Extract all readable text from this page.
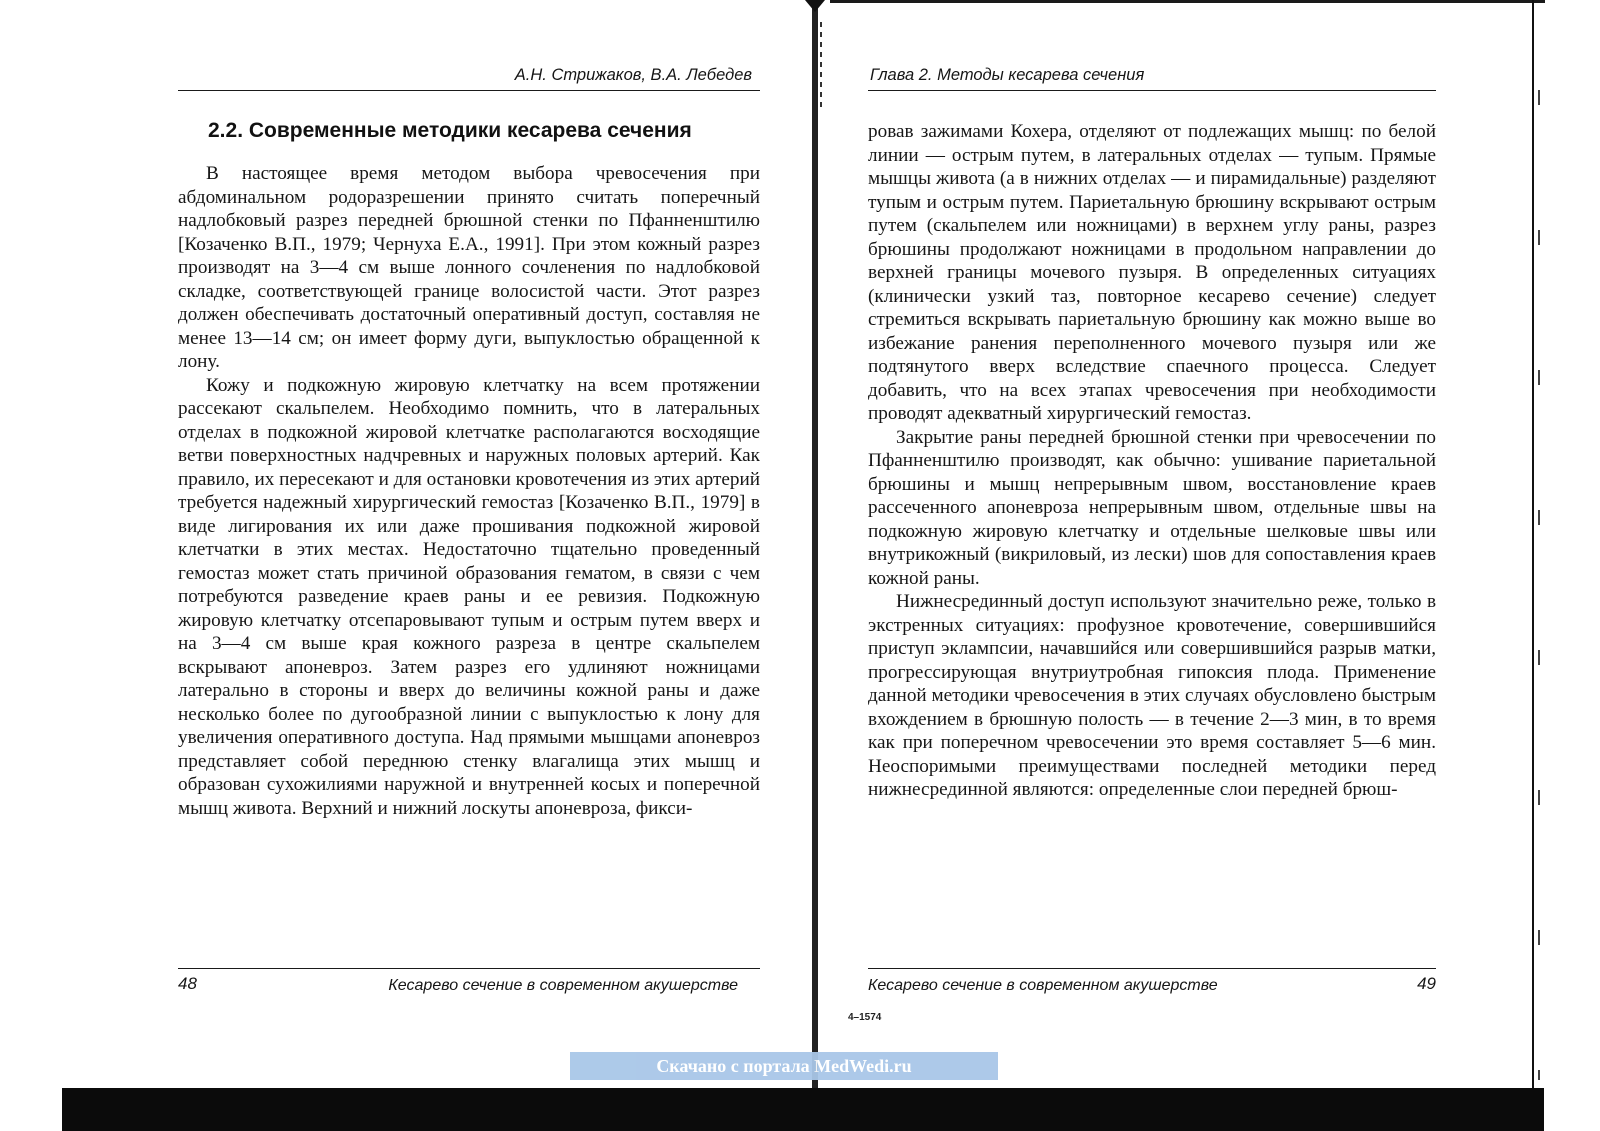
А.Н. Стрижаков, В.А. Лебедев
2.2. Современные методики кесарева сечения

В настоящее время методом выбора чревосечения при абдоминальном родоразрешении принято считать поперечный надлобковый разрез передней брюшной стенки по Пфанненштилю [Козаченко В.П., 1979; Чернуха Е.А., 1991]. При этом кожный разрез производят на 3—4 см выше лонного сочленения по надлобковой складке, соответствующей границе волосистой части. Этот разрез должен обеспечивать достаточный оперативный доступ, составляя не менее 13—14 см; он имеет форму дуги, выпуклостью обращенной к лону.

Кожу и подкожную жировую клетчатку на всем протяжении рассекают скальпелем. Необходимо помнить, что в латеральных отделах в подкожной жировой клетчатке располагаются восходящие ветви поверхностных надчревных и наружных половых артерий. Как правило, их пересекают и для остановки кровотечения из этих артерий требуется надежный хирургический гемостаз [Козаченко В.П., 1979] в виде лигирования их или даже прошивания подкожной жировой клетчатки в этих местах. Недостаточно тщательно проведенный гемостаз может стать причиной образования гематом, в связи с чем потребуются разведение краев раны и ее ревизия. Подкожную жировую клетчатку отсепаровывают тупым и острым путем вверх и на 3—4 см выше края кожного разреза в центре скальпелем вскрывают апоневроз. Затем разрез его удлиняют ножницами латерально в стороны и вверх до величины кожной раны и даже несколько более по дугообразной линии с выпуклостью к лону для увеличения оперативного доступа. Над прямыми мышцами апоневроз представляет собой переднюю стенку влагалища этих мышц и образован сухожилиями наружной и внутренней косых и поперечной мышц живота. Верхний и нижний лоскуты апоневроза, фикси-

48	Кесарево сечение в современном акушерстве
Глава 2. Методы кесарева сечения

ровав зажимами Кохера, отделяют от подлежащих мышц: по белой линии — острым путем, в латеральных отделах — тупым. Прямые мышцы живота (а в нижних отделах — и пирамидальные) разделяют тупым и острым путем. Париетальную брюшину вскрывают острым путем (скальпелем или ножницами) в верхнем углу раны, разрез брюшины продолжают ножницами в продольном направлении до верхней границы мочевого пузыря. В определенных ситуациях (клинически узкий таз, повторное кесарево сечение) следует стремиться вскрывать париетальную брюшину как можно выше во избежание ранения переполненного мочевого пузыря или же подтянутого вверх вследствие спаечного процесса. Следует добавить, что на всех этапах чревосечения при необходимости проводят адекватный хирургический гемостаз.

Закрытие раны передней брюшной стенки при чревосечении по Пфанненштилю производят, как обычно: ушивание париетальной брюшины и мышц непрерывным швом, восстановление краев рассеченного апоневроза непрерывным швом, отдельные швы на подкожную жировую клетчатку и отдельные шелковые швы или внутрикожный (викриловый, из лески) шов для сопоставления краев кожной раны.

Нижнесрединный доступ используют значительно реже, только в экстренных ситуациях: профузное кровотечение, совершившийся приступ эклампсии, начавшийся или совершившийся разрыв матки, прогрессирующая внутриутробная гипоксия плода. Применение данной методики чревосечения в этих случаях обусловлено быстрым вхождением в брюшную полость — в течение 2—3 мин, в то время как при поперечном чревосечении это время составляет 5—6 мин. Неоспоримыми преимуществами последней методики перед нижнесрединной являются: определенные слои передней брюш-

Кесарево сечение в современном акушерстве	49
4–1574
Скачано с портала MedWedi.ru
